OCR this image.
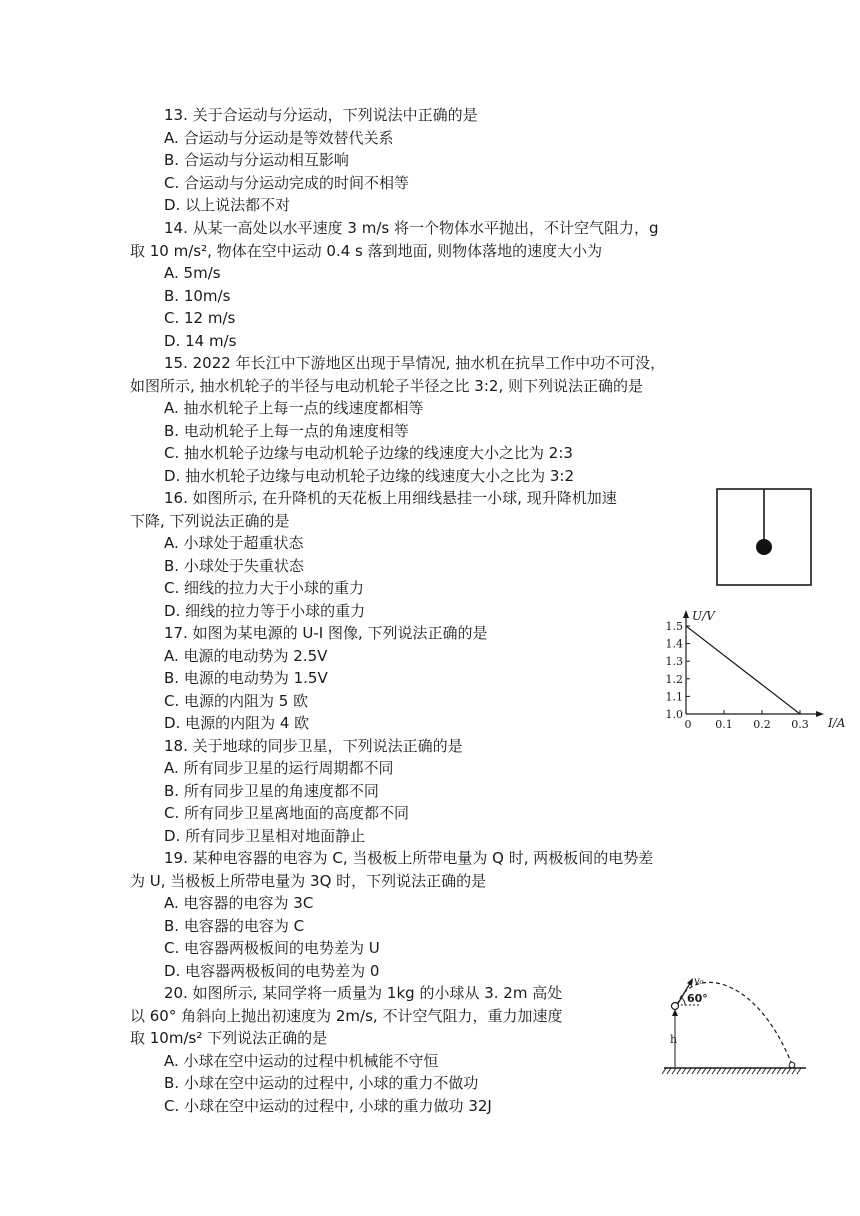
13. 关于合运动与分运动，下列说法中正确的是
A. 合运动与分运动是等效替代关系
B. 合运动与分运动相互影响
C. 合运动与分运动完成的时间不相等
D. 以上说法都不对
14. 从某一高处以水平速度 3 m/s 将一个物体水平抛出，不计空气阻力，g
取 10 m/s², 物体在空中运动 0.4 s 落到地面, 则物体落地的速度大小为
A. 5m/s
B. 10m/s
C. 12 m/s
D. 14 m/s
15. 2022 年长江中下游地区出现于旱情况, 抽水机在抗旱工作中功不可没，
如图所示, 抽水机轮子的半径与电动机轮子半径之比 3:2, 则下列说法正确的是
A. 抽水机轮子上每一点的线速度都相等
B. 电动机轮子上每一点的角速度相等
C. 抽水机轮子边缘与电动机轮子边缘的线速度大小之比为 2:3
D. 抽水机轮子边缘与电动机轮子边缘的线速度大小之比为 3:2
16. 如图所示, 在升降机的天花板上用细线悬挂一小球, 现升降机加速
下降, 下列说法正确的是
A. 小球处于超重状态
B. 小球处于失重状态
C. 细线的拉力大于小球的重力
D. 细线的拉力等于小球的重力
17. 如图为某电源的 U-I 图像, 下列说法正确的是
A. 电源的电动势为 2.5V
B. 电源的电动势为 1.5V
C. 电源的内阻为 5 欧
D. 电源的内阻为 4 欧
18. 关于地球的同步卫星，下列说法正确的是
A. 所有同步卫星的运行周期都不同
B. 所有同步卫星的角速度都不同
C. 所有同步卫星离地面的高度都不同
D. 所有同步卫星相对地面静止
19. 某种电容器的电容为 C, 当极板上所带电量为 Q 时, 两极板间的电势差
为 U, 当极板上所带电量为 3Q 时，下列说法正确的是
A. 电容器的电容为 3C
B. 电容器的电容为 C
C. 电容器两极板间的电势差为 U
D. 电容器两极板间的电势差为 0
20. 如图所示, 某同学将一质量为 1kg 的小球从 3. 2m 高处
以 60° 角斜向上抛出初速度为 2m/s, 不计空气阻力，重力加速度
取 10m/s² 下列说法正确的是
A. 小球在空中运动的过程中机械能不守恒
B. 小球在空中运动的过程中, 小球的重力不做功
C. 小球在空中运动的过程中, 小球的重力做功 32J
U/V
I/A
1.0
1.1
1.2
1.3
1.4
1.5
0 0.1 0.2 0.3
v₀
60°
h
